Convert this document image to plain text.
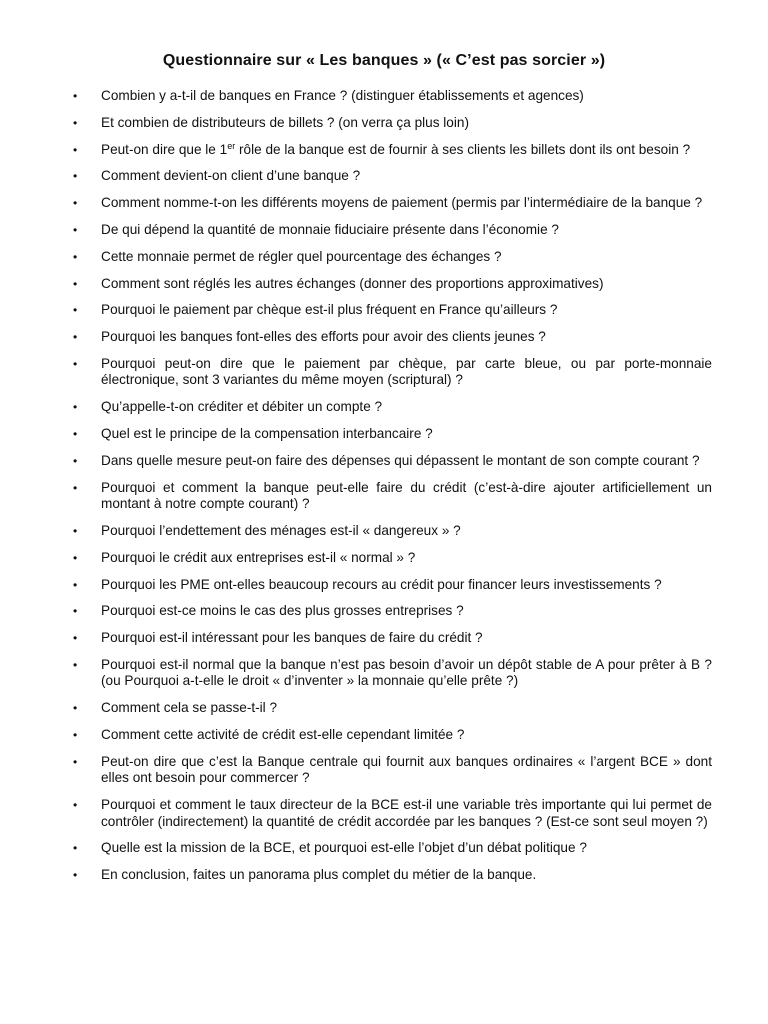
Questionnaire sur « Les banques » (« C’est pas sorcier »)
• Combien y a-t-il de banques en France ? (distinguer établissements et agences)
• Et combien de distributeurs de billets ? (on verra ça plus loin)
• Peut-on dire que le 1er rôle de la banque est de fournir à ses clients les billets dont ils ont besoin ?
• Comment devient-on client d’une banque ?
• Comment nomme-t-on les différents moyens de paiement (permis par l’intermédiaire de la banque ?
• De qui dépend la quantité de monnaie fiduciaire présente dans l’économie ?
• Cette monnaie permet de régler quel pourcentage des échanges ?
• Comment sont réglés les autres échanges (donner des proportions approximatives)
• Pourquoi le paiement par chèque est-il plus fréquent en France qu’ailleurs ?
• Pourquoi les banques font-elles des efforts pour avoir des clients jeunes ?
• Pourquoi peut-on dire que le paiement par chèque, par carte bleue, ou par porte-monnaie électronique, sont 3 variantes du même moyen (scriptural) ?
• Qu’appelle-t-on créditer et débiter un compte ?
• Quel est le principe de la compensation interbancaire ?
• Dans quelle mesure peut-on faire des dépenses qui dépassent le montant de son compte courant ?
• Pourquoi et comment la banque peut-elle faire du crédit (c’est-à-dire ajouter artificiellement un montant à notre compte courant) ?
• Pourquoi l’endettement des ménages est-il « dangereux » ?
• Pourquoi le crédit aux entreprises est-il « normal » ?
• Pourquoi les PME ont-elles beaucoup recours au crédit pour financer leurs investissements ?
• Pourquoi est-ce moins le cas des plus grosses entreprises ?
• Pourquoi est-il intéressant pour les banques de faire du crédit ?
• Pourquoi est-il normal que la banque n’est pas besoin d’avoir un dépôt stable de A pour prêter à B ? (ou Pourquoi a-t-elle le droit « d’inventer » la monnaie qu’elle prête ?)
• Comment cela se passe-t-il ?
• Comment cette activité de crédit est-elle cependant limitée ?
• Peut-on dire que c’est la Banque centrale qui fournit aux banques ordinaires « l’argent BCE » dont elles ont besoin pour commercer ?
• Pourquoi et comment le taux directeur de la BCE est-il une variable très importante qui lui permet de contrôler (indirectement) la quantité de crédit accordée par les banques ? (Est-ce sont seul moyen ?)
• Quelle est la mission de la BCE, et pourquoi est-elle l’objet d’un débat politique ?
• En conclusion, faites un panorama plus complet du métier de la banque.
